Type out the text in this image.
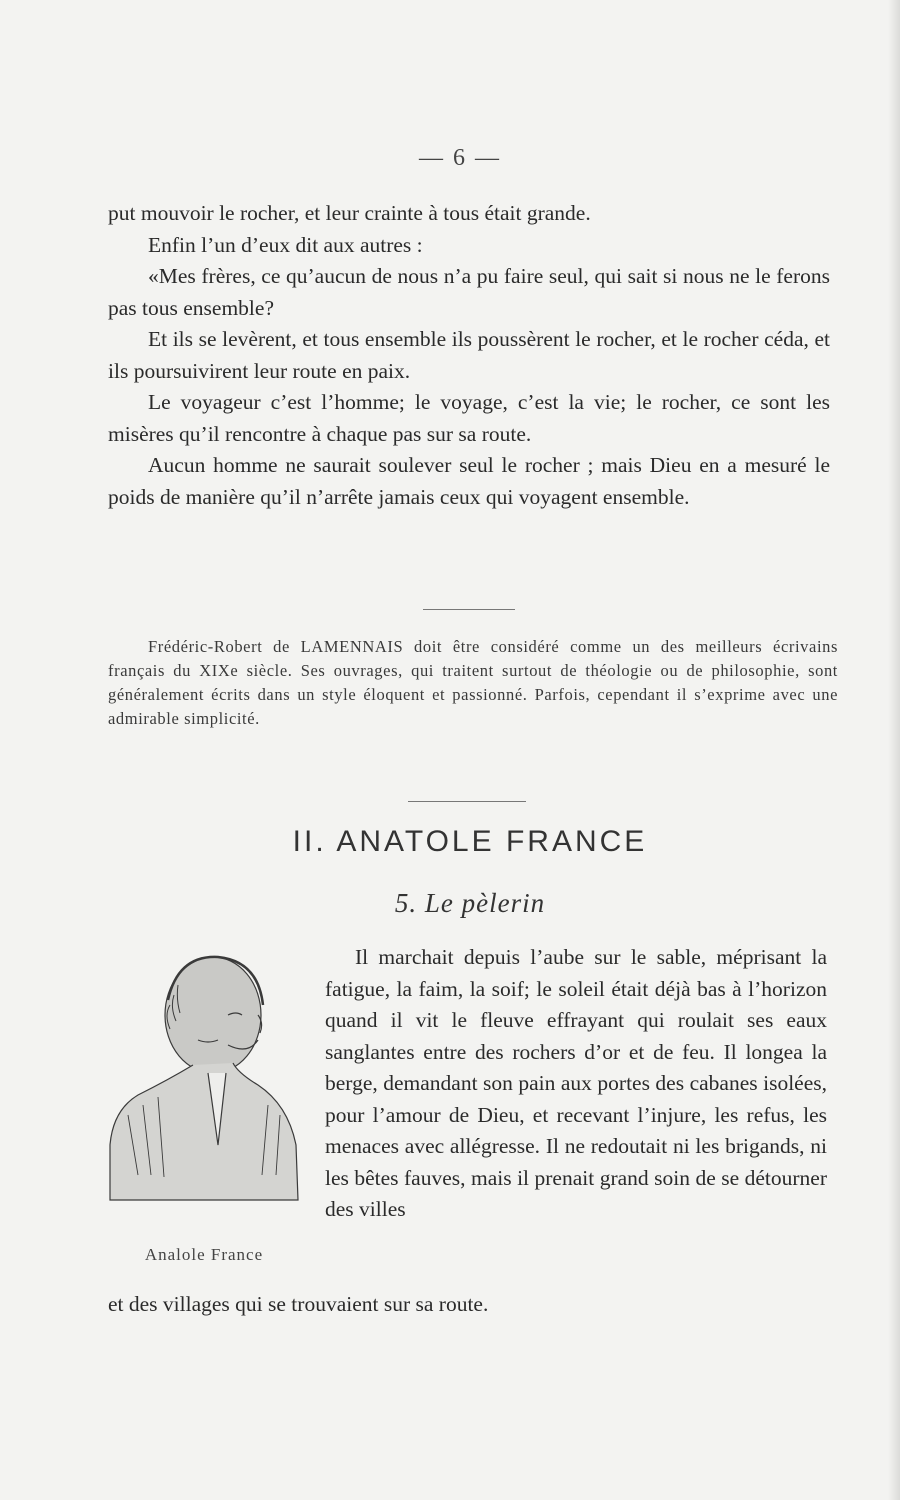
— 6 —

put mouvoir le rocher, et leur crainte à tous était grande.

Enfin l’un d’eux dit aux autres :

«Mes frères, ce qu’aucun de nous n’a pu faire seul, qui sait si nous ne le ferons pas tous ensemble?

Et ils se levèrent, et tous ensemble ils poussèrent le rocher, et le rocher céda, et ils poursuivirent leur route en paix.

Le voyageur c’est l’homme; le voyage, c’est la vie; le rocher, ce sont les misères qu’il rencontre à chaque pas sur sa route.

Aucun homme ne saurait soulever seul le rocher ; mais Dieu en a mesuré le poids de manière qu’il n’arrête jamais ceux qui voyagent ensemble.

Frédéric-Robert de LAMENNAIS doit être considéré comme un des meilleurs écrivains français du XIXe siècle. Ses ouvrages, qui traitent surtout de théologie ou de philosophie, sont généralement écrits dans un style éloquent et passionné. Parfois, cependant il s’exprime avec une admirable simplicité.

II. ANATOLE FRANCE
5. Le pèlerin
Analole France
Il marchait depuis l’aube sur le sable, méprisant la fatigue, la faim, la soif; le soleil était déjà bas à l’horizon quand il vit le fleuve effrayant qui roulait ses eaux sanglantes entre des rochers d’or et de feu. Il longea la berge, demandant son pain aux portes des cabanes isolées, pour l’amour de Dieu, et recevant l’injure, les refus, les menaces avec allégresse. Il ne redoutait ni les brigands, ni les bêtes fauves, mais il prenait grand soin de se détourner des villes
et des villages qui se trouvaient sur sa route.
